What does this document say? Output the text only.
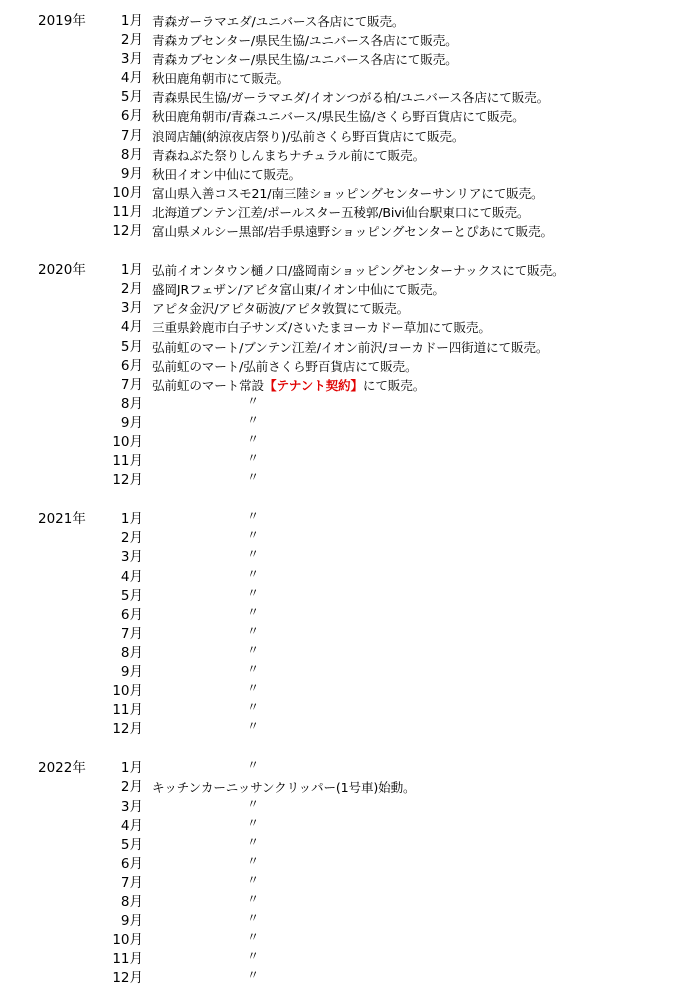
2019年	1月 青森ガーラマエダ/ユニバース各店にて販売。
2月 青森カブセンター/県民生協/ユニバース各店にて販売。
3月 青森カブセンター/県民生協/ユニバース各店にて販売。
4月 秋田鹿角朝市にて販売。
5月 青森県民生協/ガーラマエダ/イオンつがる柏/ユニバース各店にて販売。
6月 秋田鹿角朝市/青森ユニバース/県民生協/さくら野百貨店にて販売。
7月 浪岡店舗(納涼夜店祭り)/弘前さくら野百貨店にて販売。
8月 青森ねぶた祭りしんまちナチュラル前にて販売。
9月 秋田イオン中仙にて販売。
10月 富山県入善コスモ21/南三陸ショッピングセンターサンリアにて販売。
11月 北海道ブンテン江差/ポールスター五稜郭/Bivi仙台駅東口にて販売。
12月 富山県メルシー黒部/岩手県遠野ショッピングセンターとぴあにて販売。
2020年	1月 弘前イオンタウン樋ノ口/盛岡南ショッピングセンターナックスにて販売。
2月 盛岡JRフェザン/アピタ富山東/イオン中仙にて販売。
3月 アピタ金沢/アピタ砺波/アピタ敦賀にて販売。
4月 三重県鈴鹿市白子サンズ/さいたまヨーカドー草加にて販売。
5月 弘前虹のマート/ブンテン江差/イオン前沢/ヨーカドー四街道にて販売。
6月 弘前虹のマート/弘前さくら野百貨店にて販売。
7月 弘前虹のマート常設【テナント契約】にて販売。
8月	〃
9月	〃
10月	〃
11月	〃
12月	〃
2021年	1月	〃
2月	〃
3月	〃
4月	〃
5月	〃
6月	〃
7月	〃
8月	〃
9月	〃
10月	〃
11月	〃
12月	〃
2022年	1月	〃
2月 キッチンカーニッサンクリッパー(1号車)始動。
3月	〃
4月	〃
5月	〃
6月	〃
7月	〃
8月	〃
9月	〃
10月	〃
11月	〃
12月	〃
